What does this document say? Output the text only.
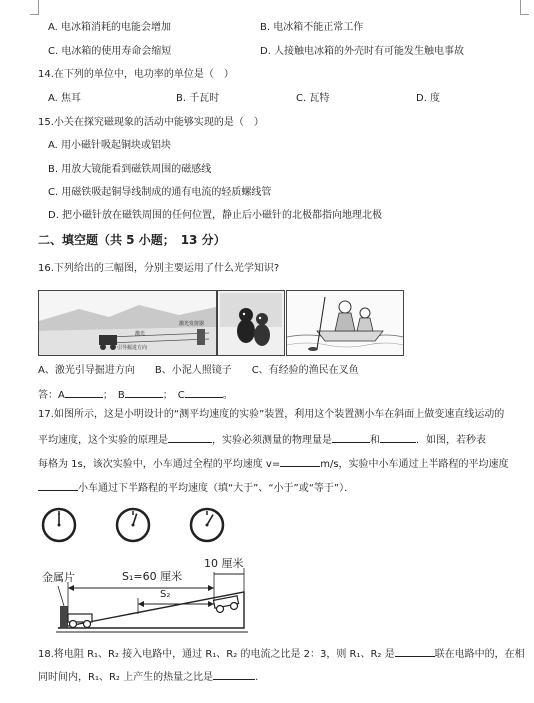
A. 电冰箱消耗的电能会增加	B. 电冰箱不能正常工作
C. 电冰箱的使用寿命会缩短	D. 人接触电冰箱的外壳时有可能发生触电事故
14.在下列的单位中，电功率的单位是（　）
A. 焦耳	B. 千瓦时	C. 瓦特	D. 度
15.小关在探究磁现象的活动中能够实现的是（　）
A. 用小磁针吸起铜块或铝块
B. 用放大镜能看到磁铁周围的磁感线
C. 用磁铁吸起铜导线制成的通有电流的轻质螺线管
D. 把小磁针放在磁铁周围的任何位置，静止后小磁针的北极都指向地理北极
二、填空题（共 5 小题；　13 分）
16.下列给出的三幅图，分别主要运用了什么光学知识?
激光
引导掘进方向
激光发射器
A、激光引导掘进方向　　B、小泥人照镜子　　C、有经验的渔民在叉鱼
答：A	；　B	；　C	。
17.如图所示，这是小明设计的“测平均速度的实验”装置，利用这个装置测小车在斜面上做变速直线运动的
平均速度，这个实验的原理是	，实验必须测量的物理量是	和	．如图，若秒表
每格为 1s，该次实验中，小车通过全程的平均速度 v=	m/s，实验中小车通过上半路程的平均速度
小车通过下半路程的平均速度（填“大于”、“小于”或“等于”）．
金属片	S₁=60 厘米
10 厘米
S₂
18.将电阻 R₁、R₂ 接入电路中，通过 R₁、R₂ 的电流之比是 2：3，则 R₁、R₂ 是	联在电路中的，在相
同时间内，R₁、R₂ 上产生的热量之比是	.
